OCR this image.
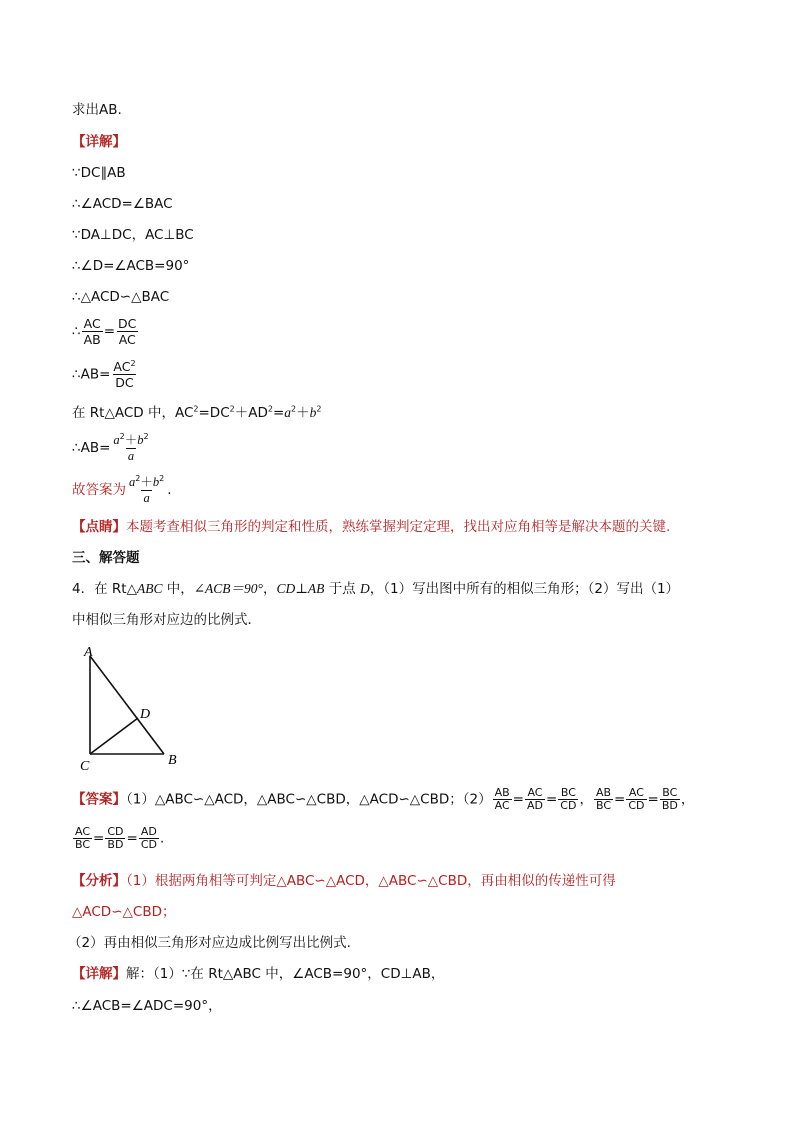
求出AB.
【详解】
∵DC∥AB
∴∠ACD=∠BAC
∵DA⊥DC，AC⊥BC
∴∠D=∠ACB=90°
∴△ACD∽△BAC
∴ $\frac{AC}{AB} = \frac{DC}{AC}$
∴AB= $\frac{AC^2}{DC}$
在 Rt△ACD 中，$AC^2=DC^2+AD^2=a^2+b^2$
∴AB= $\frac{a^2+b^2}{a}$
故答案为 $\frac{a^2+b^2}{a}$ .
【点睛】本题考查相似三角形的判定和性质，熟练掌握判定定理，找出对应角相等是解决本题的关键.
三、解答题
4．在 Rt△ABC 中，∠ACB＝90°，CD⊥AB 于点 D，（1）写出图中所有的相似三角形；（2）写出（1）
中相似三角形对应边的比例式．
A
D
C	B
【答案】（1）△ABC∽△ACD，△ABC∽△CBD，△ACD∽△CBD；$(2) \frac{AB}{AC} = \frac{AC}{AD} = \frac{BC}{CD}$ ， $\frac{AB}{BC} = \frac{AC}{CD} = \frac{BC}{BD}$ ，
$\frac{AC}{BC} = \frac{CD}{BD} = \frac{AD}{CD}$ .
【分析】（1）根据两角相等可判定△ABC∽△ACD，△ABC∽△CBD，再由相似的传递性可得
△ACD∽△CBD；
（2）再由相似三角形对应边成比例写出比例式.
【详解】解：（1）∵在 Rt△ABC 中，∠ACB=90°，CD⊥AB，
∴∠ACB=∠ADC=90°，
